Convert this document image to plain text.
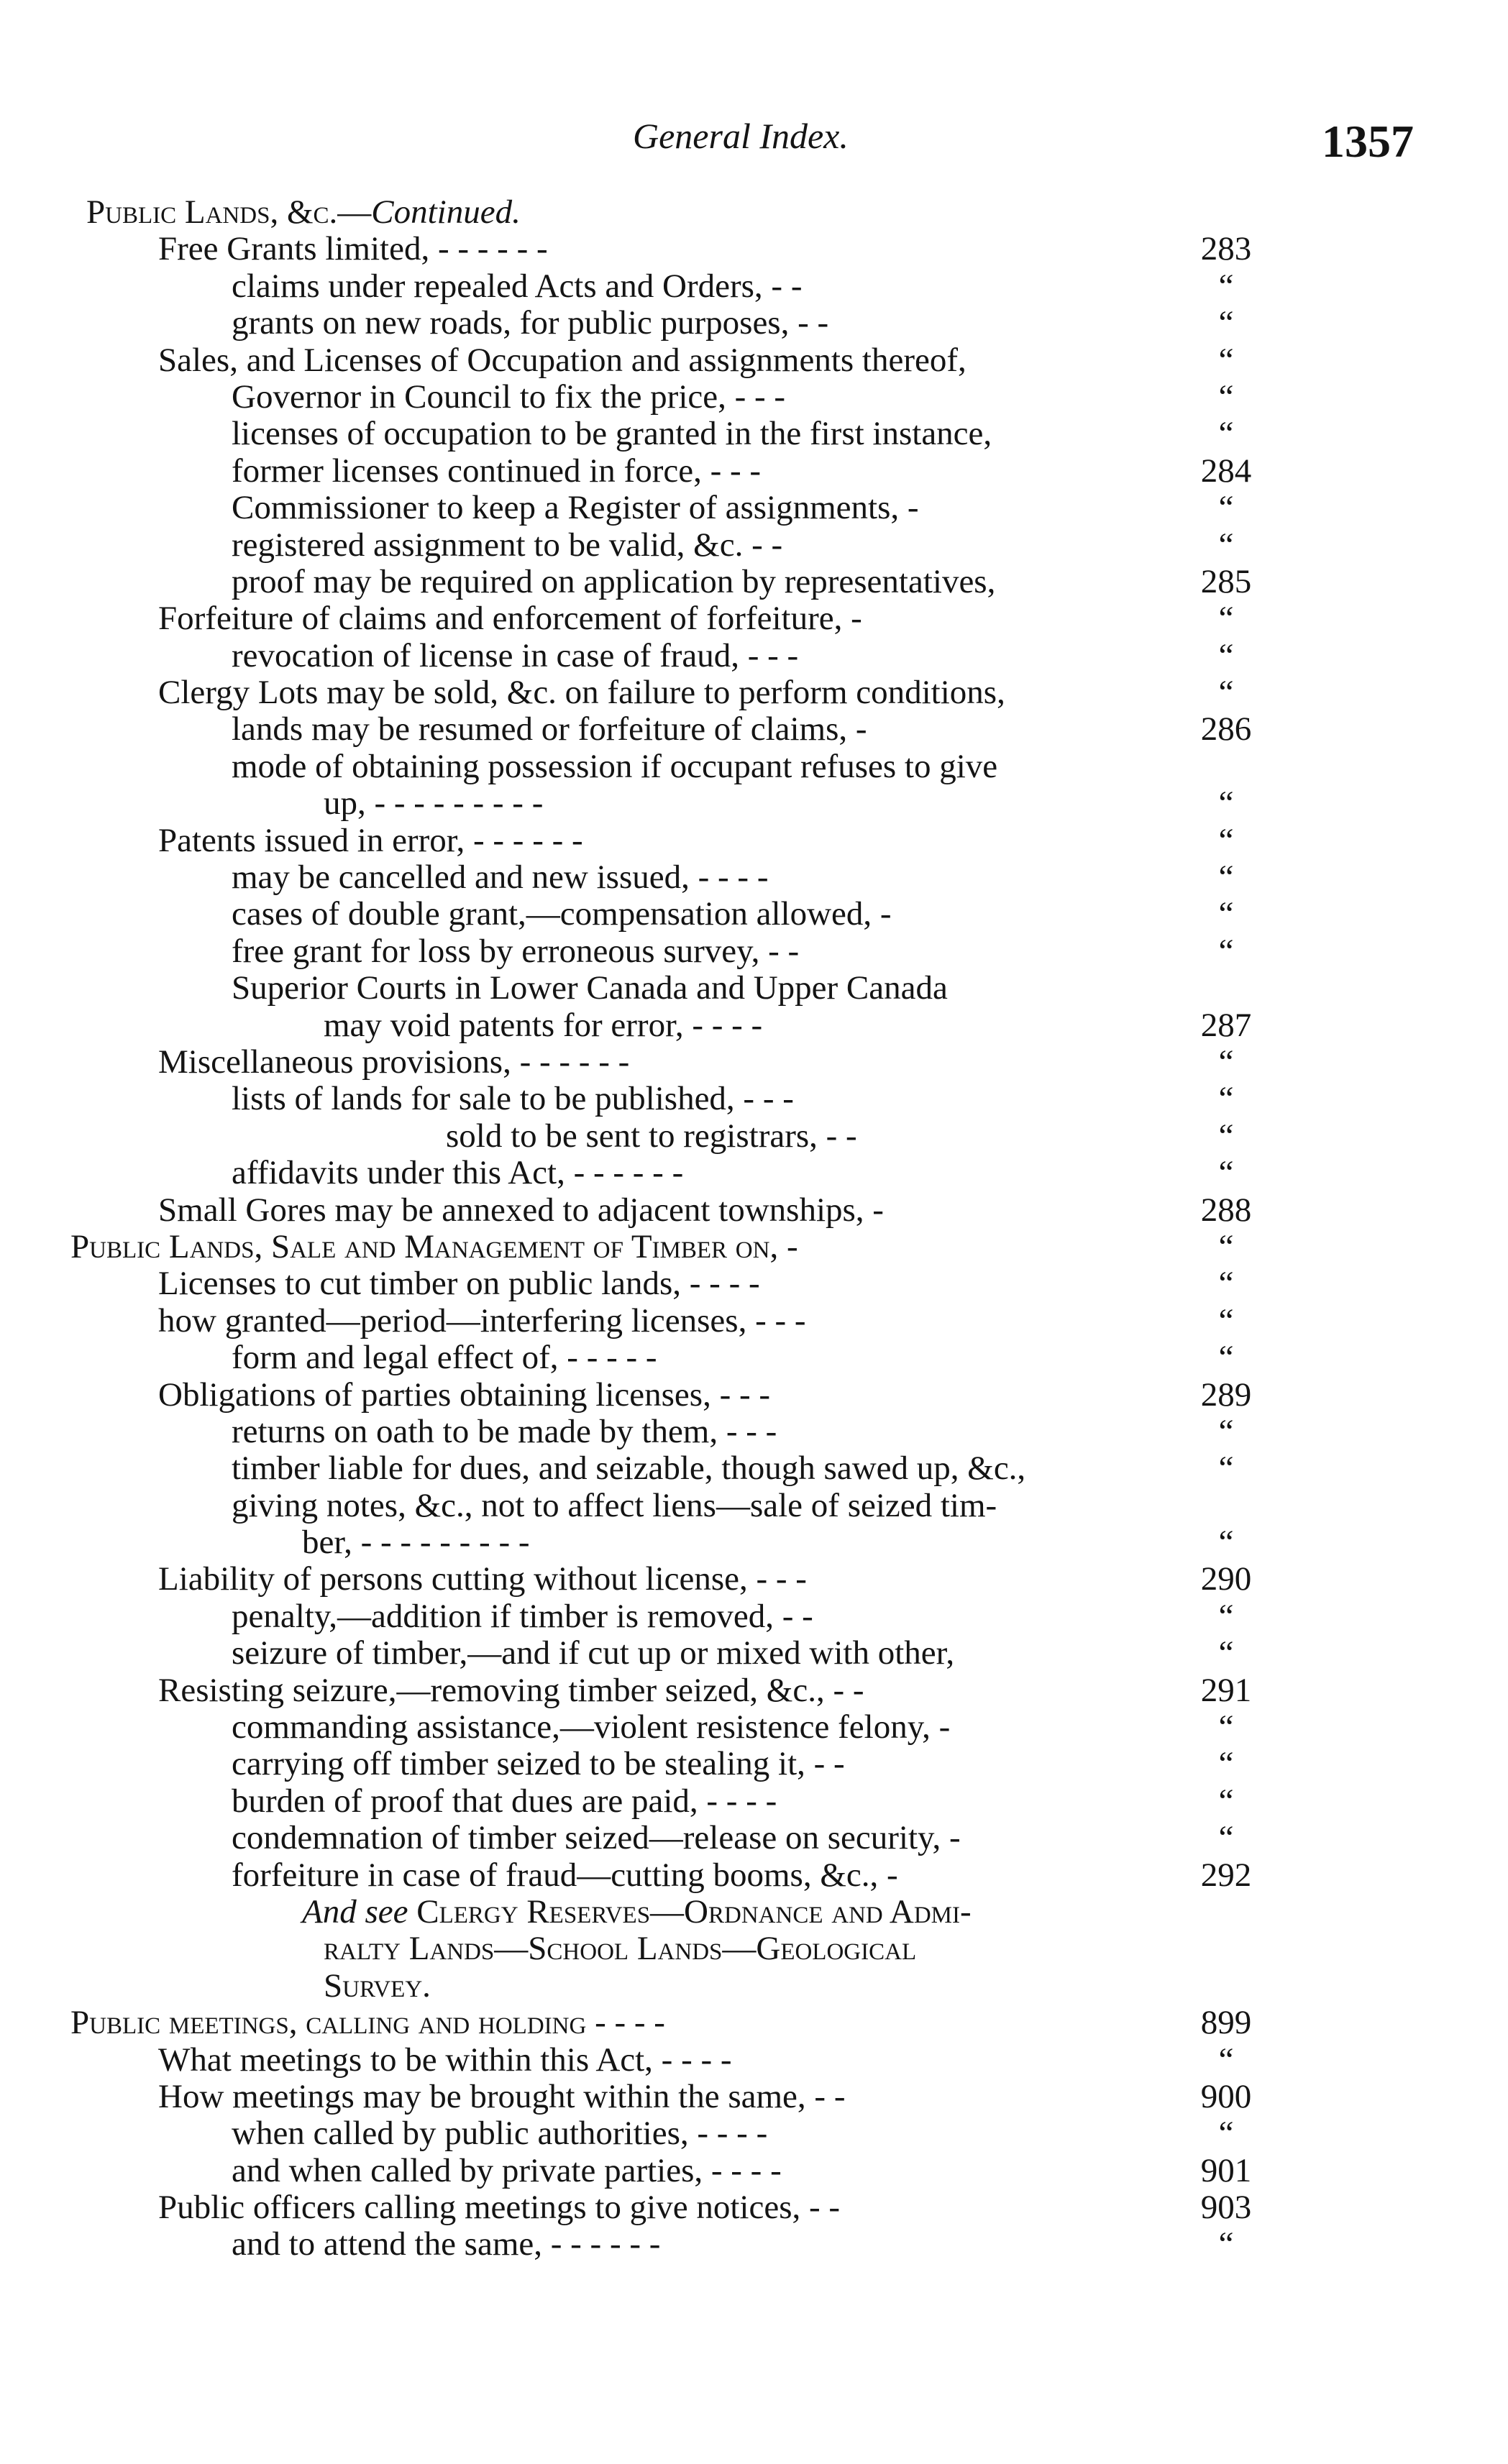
General Index.	1357
Public Lands, &c.—Continued.
Free Grants limited, - - - - - -	283
claims under repealed Acts and Orders, - -	“
grants on new roads, for public purposes, - -	“
Sales, and Licenses of Occupation and assignments thereof,	“
Governor in Council to fix the price, - - -	“
licenses of occupation to be granted in the first instance,	“
former licenses continued in force, - - -	284
Commissioner to keep a Register of assignments, -	“
registered assignment to be valid, &c. - -	“
proof may be required on application by representatives,	285
Forfeiture of claims and enforcement of forfeiture, -	“
revocation of license in case of fraud, - - -	“
Clergy Lots may be sold, &c. on failure to perform conditions,	“
lands may be resumed or forfeiture of claims, -	286
mode of obtaining possession if occupant refuses to give
up, - - - - - - - - -	“
Patents issued in error, - - - - - -	“
may be cancelled and new issued, - - - -	“
cases of double grant,—compensation allowed, -	“
free grant for loss by erroneous survey, - -	“
Superior Courts in Lower Canada and Upper Canada
may void patents for error, - - - -	287
Miscellaneous provisions, - - - - - -	“
lists of lands for sale to be published, - - -	“
sold to be sent to registrars, - -	“
affidavits under this Act, - - - - - -	“
Small Gores may be annexed to adjacent townships, -	288
Public Lands, Sale and Management of Timber on, -	“
Licenses to cut timber on public lands, - - - -	“
how granted—period—interfering licenses, - - -	“
form and legal effect of, - - - - -	“
Obligations of parties obtaining licenses, - - -	289
returns on oath to be made by them, - - -	“
timber liable for dues, and seizable, though sawed up, &c.,	“
giving notes, &c., not to affect liens—sale of seized tim-
ber, - - - - - - - - -	“
Liability of persons cutting without license, - - -	290
penalty,—addition if timber is removed, - -	“
seizure of timber,—and if cut up or mixed with other,	“
Resisting seizure,—removing timber seized, &c., - -	291
commanding assistance,—violent resistence felony, -	“
carrying off timber seized to be stealing it, - -	“
burden of proof that dues are paid, - - - -	“
condemnation of timber seized—release on security, -	“
forfeiture in case of fraud—cutting booms, &c., -	292
And see Clergy Reserves—Ordnance and Admi-
ralty Lands—School Lands—Geological
Survey.
Public meetings, calling and holding - - - -	899
What meetings to be within this Act, - - - -	“
How meetings may be brought within the same, - -	900
when called by public authorities, - - - -	“
and when called by private parties, - - - -	901
Public officers calling meetings to give notices, - -	903
and to attend the same, - - - - - -	“
